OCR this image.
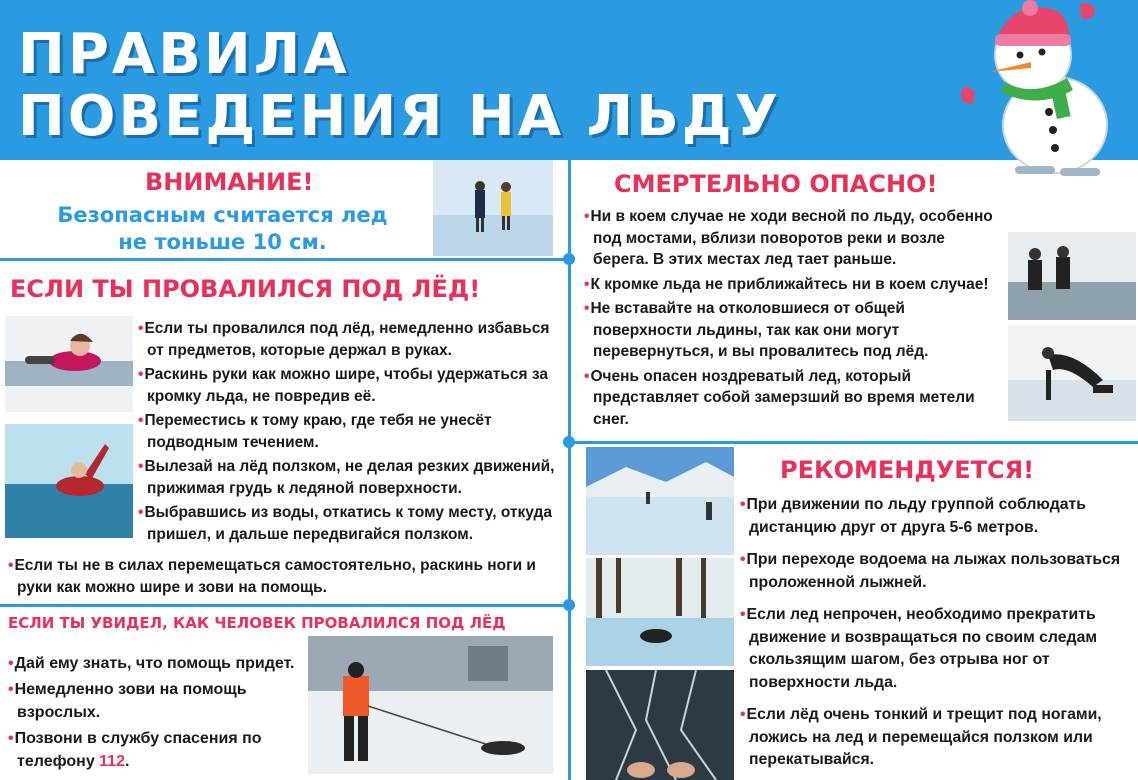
ПРАВИЛА
ПОВЕДЕНИЯ НА ЛЬДУ
ВНИМАНИЕ!
Безопасным считается лед
не тоньше 10 см.
ЕСЛИ ТЫ ПРОВАЛИЛСЯ ПОД ЛЁД!

• Если ты провалился под лёд, немедленно избавься от предметов, которые держал в руках.

• Раскинь руки как можно шире, чтобы удержаться за кромку льда, не повредив её.

• Переместись к тому краю, где тебя не унесёт подводным течением.

• Вылезай на лёд ползком, не делая резких движений, прижимая грудь к ледяной поверхности.

• Выбравшись из воды, откатись к тому месту, откуда пришел, и дальше передвигайся ползком.

• Если ты не в силах перемещаться самостоятельно, раскинь ноги и руки как можно шире и зови на помощь.

ЕСЛИ ТЫ УВИДЕЛ, КАК ЧЕЛОВЕК ПРОВАЛИЛСЯ ПОД ЛЁД

• Дай ему знать, что помощь придет.

• Немедленно зови на помощь взрослых.

• Позвони в службу спасения по телефону 112.

СМЕРТЕЛЬНО ОПАСНО!

• Ни в коем случае не ходи весной по льду, особенно под мостами, вблизи поворотов реки и возле берега. В этих местах лед тает раньше.

• К кромке льда не приближайтесь ни в коем случае!

• Не вставайте на отколовшиеся от общей поверхности льдины, так как они могут перевернуться, и вы провалитесь под лёд.

• Очень опасен ноздреватый лед, который представляет собой замерзший во время метели снег.

РЕКОМЕНДУЕТСЯ!

• При движении по льду группой соблюдать дистанцию друг от друга 5-6 метров.

• При переходе водоема на лыжах пользоваться проложенной лыжней.

• Если лед непрочен, необходимо прекратить движение и возвращаться по своим следам скользящим шагом, без отрыва ног от поверхности льда.

• Если лёд очень тонкий и трещит под ногами, ложись на лед и перемещайся ползком или перекатывайся.
